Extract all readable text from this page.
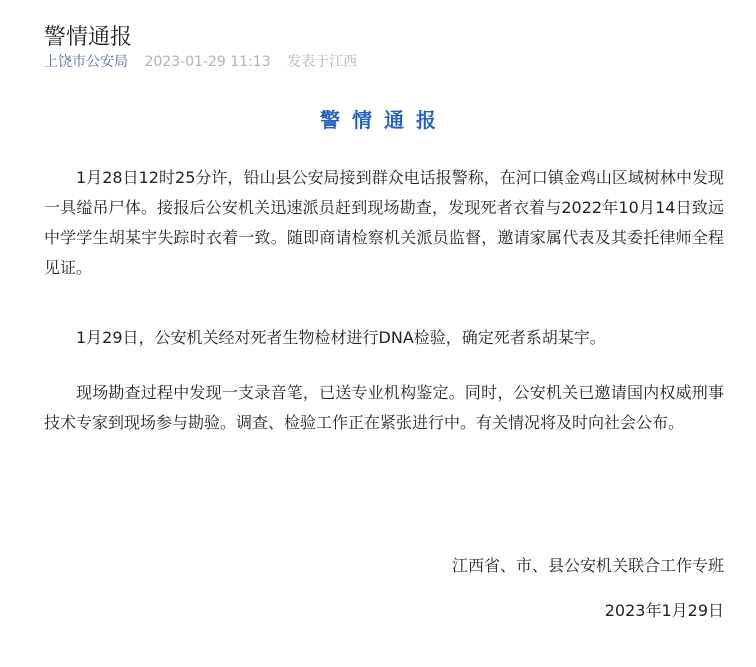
警情通报
上饶市公安局 2023-01-29 11:13 发表于江西
警情通报

1月28日12时25分许，铅山县公安局接到群众电话报警称，在河口镇金鸡山区域树林中发现一具缢吊尸体。接报后公安机关迅速派员赶到现场勘查，发现死者衣着与2022年10月14日致远中学学生胡某宇失踪时衣着一致。随即商请检察机关派员监督，邀请家属代表及其委托律师全程见证。

1月29日，公安机关经对死者生物检材进行DNA检验，确定死者系胡某宇。

现场勘查过程中发现一支录音笔，已送专业机构鉴定。同时，公安机关已邀请国内权威刑事技术专家到现场参与勘验。调查、检验工作正在紧张进行中。有关情况将及时向社会公布。

江西省、市、县公安机关联合工作专班
2023年1月29日
